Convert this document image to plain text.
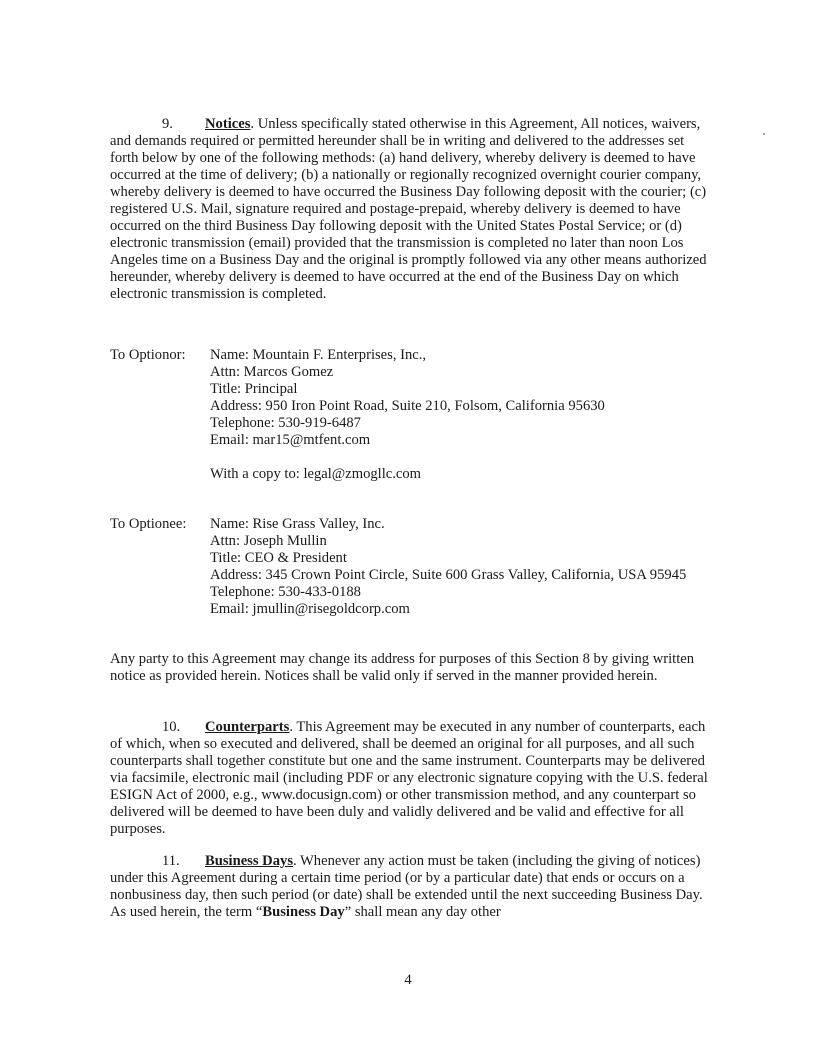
9. Notices. Unless specifically stated otherwise in this Agreement, All notices, waivers, and demands required or permitted hereunder shall be in writing and delivered to the addresses set forth below by one of the following methods: (a) hand delivery, whereby delivery is deemed to have occurred at the time of delivery; (b) a nationally or regionally recognized overnight courier company, whereby delivery is deemed to have occurred the Business Day following deposit with the courier; (c) registered U.S. Mail, signature required and postage-prepaid, whereby delivery is deemed to have occurred on the third Business Day following deposit with the United States Postal Service; or (d) electronic transmission (email) provided that the transmission is completed no later than noon Los Angeles time on a Business Day and the original is promptly followed via any other means authorized hereunder, whereby delivery is deemed to have occurred at the end of the Business Day on which electronic transmission is completed.

To Optionor: Name: Mountain F. Enterprises, Inc.,
Attn: Marcos Gomez
Title: Principal
Address: 950 Iron Point Road, Suite 210, Folsom, California 95630
Telephone: 530-919-6487
Email: mar15@mtfent.com
With a copy to: legal@zmogllc.com
To Optionee: Name: Rise Grass Valley, Inc.
Attn: Joseph Mullin
Title: CEO & President
Address: 345 Crown Point Circle, Suite 600 Grass Valley, California, USA 95945
Telephone: 530-433-0188
Email: jmullin@risegoldcorp.com

Any party to this Agreement may change its address for purposes of this Section 8 by giving written notice as provided herein. Notices shall be valid only if served in the manner provided herein.

10. Counterparts. This Agreement may be executed in any number of counterparts, each of which, when so executed and delivered, shall be deemed an original for all purposes, and all such counterparts shall together constitute but one and the same instrument. Counterparts may be delivered via facsimile, electronic mail (including PDF or any electronic signature copying with the U.S. federal ESIGN Act of 2000, e.g., www.docusign.com) or other transmission method, and any counterpart so delivered will be deemed to have been duly and validly delivered and be valid and effective for all purposes.

11. Business Days. Whenever any action must be taken (including the giving of notices) under this Agreement during a certain time period (or by a particular date) that ends or occurs on a nonbusiness day, then such period (or date) shall be extended until the next succeeding Business Day. As used herein, the term “Business Day” shall mean any day other

4
